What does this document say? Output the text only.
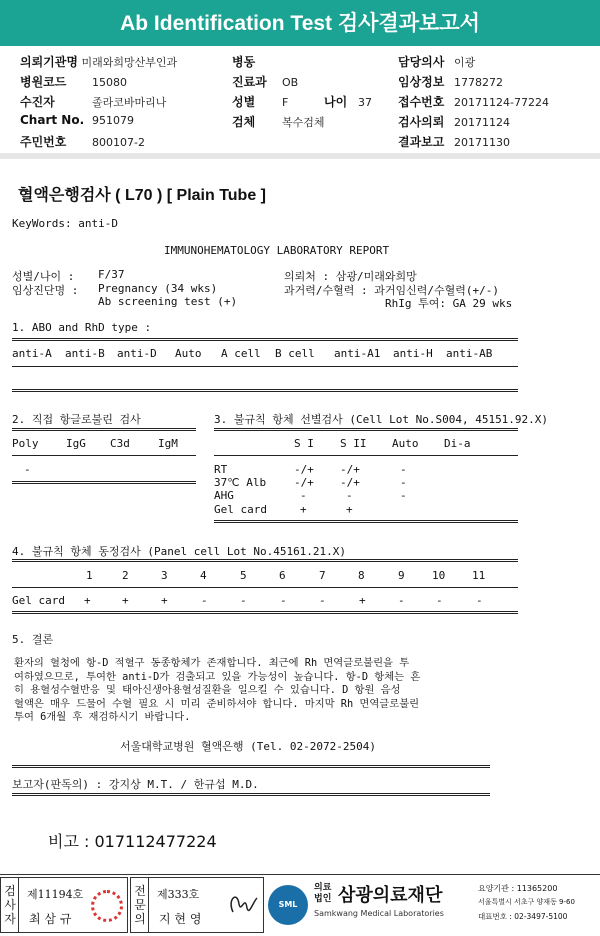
Ab Identification Test 검사결과보고서
의뢰기관명 미래와희망산부인과
병원코드 15080
수진자	졸라코바마리나
Chart No. 951079
주민번호 800107-2
병동
진료과 OB
성별 F	나이 37
검체 복수검체
담당의사 이광
임상정보 1778272
접수번호 20171124-77224
검사의뢰 20171124
결과보고 20171130
혈액은행검사 ( L70 ) [ Plain Tube ]
KeyWords: anti-D
IMMUNOHEMATOLOGY LABORATORY REPORT
성별/나이 : F/37
임상진단명 : Pregnancy (34 wks)
Ab screening test (+)
의뢰처 : 삼광/미래와희망
과거력/수혈력 : 과거임신력/수혈력(+/-)
RhIg 투여: GA 29 wks
1. ABO and RhD type :
anti-A anti-B anti-D Auto A cell B cell anti-A1 anti-H anti-AB
2. 직접 항글로불린 검사
Poly	IgG C3d	IgM
-
3. 불규칙 항체 선별검사 (Cell Lot No.S004, 45151.92.X)
S I S II Auto Di-a
RT	-/+ -/+	-
37℃ Alb	-/+ -/+	-
AHG	-	-	-
Gel card	+	+
4. 불규칙 항체 동정검사 (Panel cell Lot No.45161.21.X)
1	2	3	4	5	6	7	8	9 10 11
Gel card +	+	+	-	-	-	-	+	-	-	-
5. 결론
환자의 혈청에 항-D 적혈구 동종항체가 존재합니다. 최근에 Rh 면역글로불린을 투
여하였으므로, 투여한 anti-D가 검출되고 있을 가능성이 높습니다. 항-D 항체는 흔
히 용혈성수혈반응 및 태아신생아용혈성질환을 일으킬 수 있습니다. D 항원 음성
혈액은 매우 드물어 수혈 필요 시 미리 준비하셔야 합니다. 마지막 Rh 면역글로불린
투여 6개월 후 재검하시기 바랍니다.
서울대학교병원 혈액은행 (Tel. 02-2072-2504)
보고자(판독의) : 강지상 M.T. / 한규섭 M.D.
비고 : 017112477224
검
사
자
제11194호
최 삼 규
전
문
의
제333호
지 현 영
SML
의료법인 삼광의료재단
Samkwang Medical Laboratories
요양기관 : 11365200
서울특별시 서초구 양재동 9-60
대표번호 : 02-3497-5100
